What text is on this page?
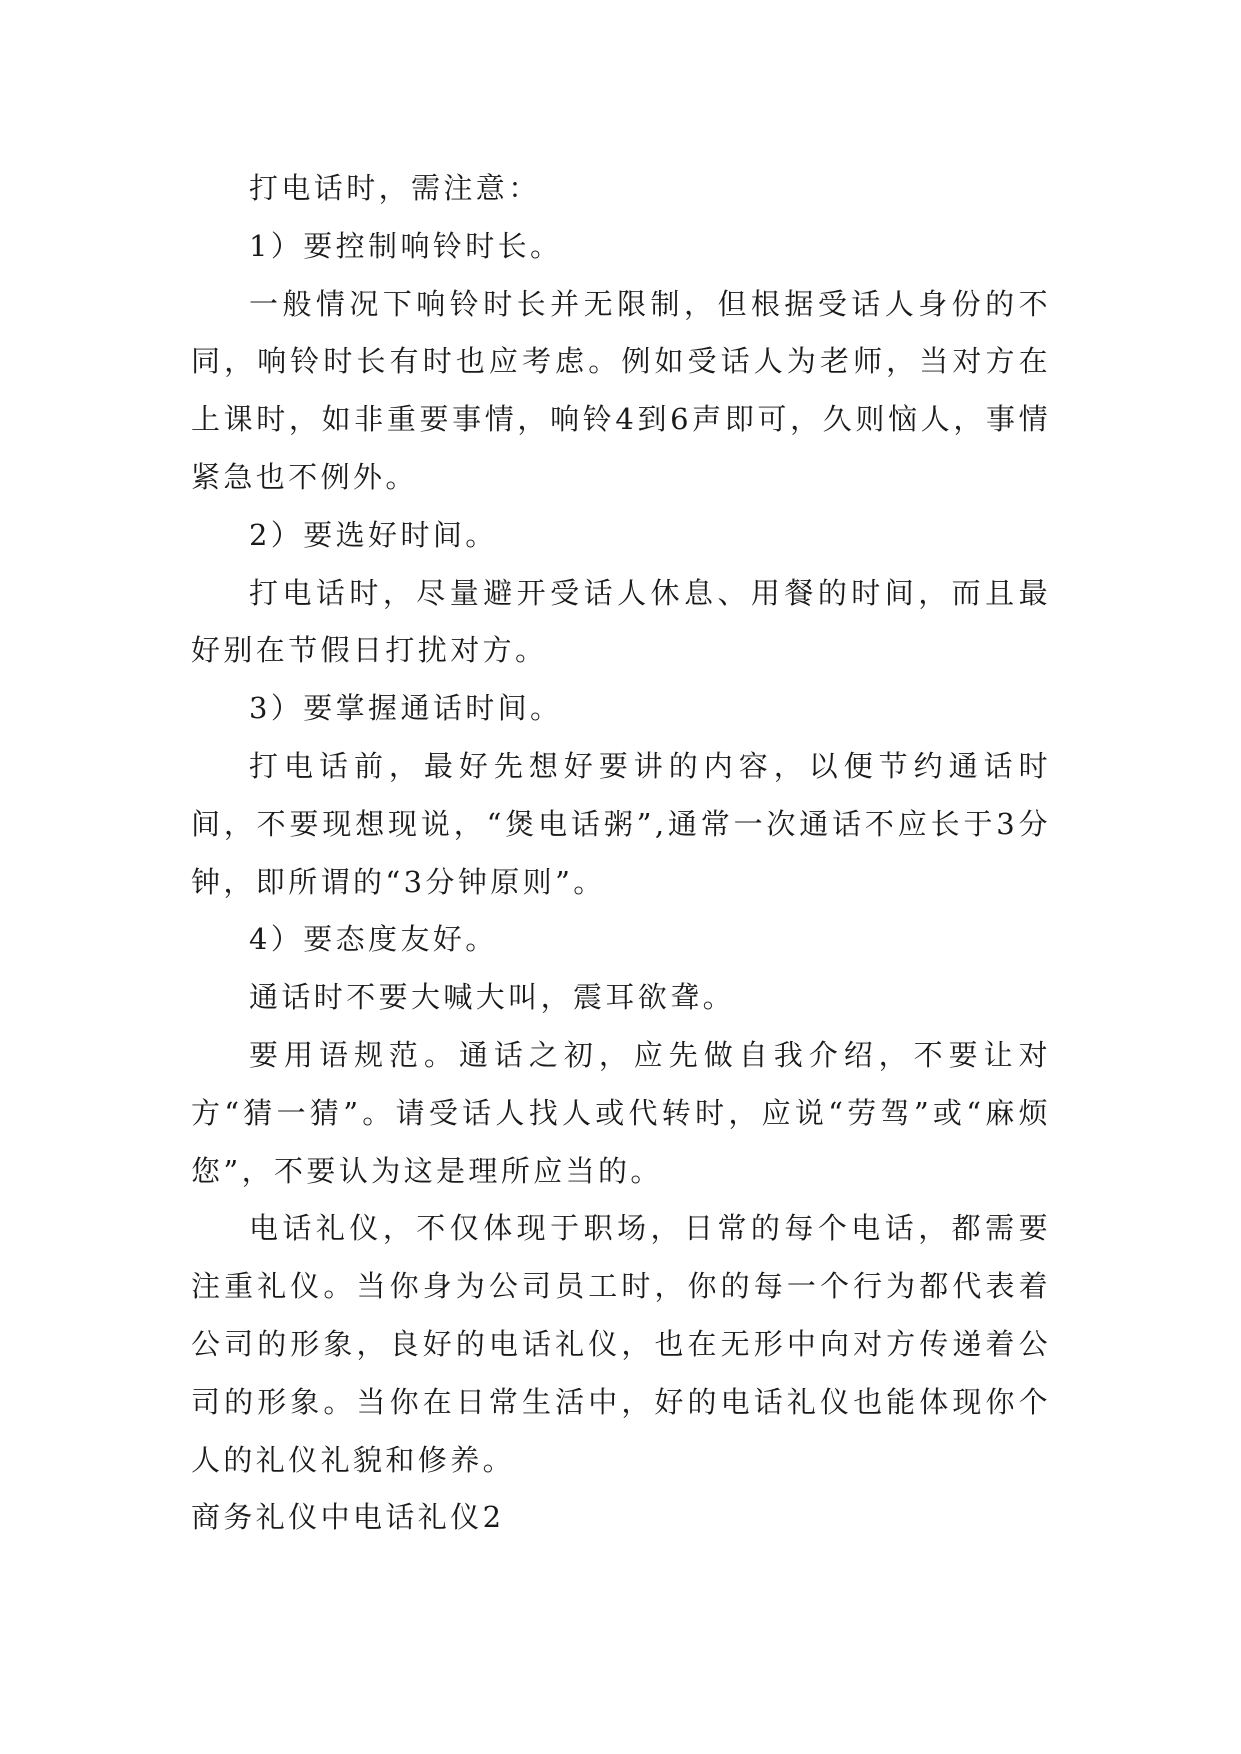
打电话时，需注意：

1）要控制响铃时长。

一般情况下响铃时长并无限制，但根据受话人身份的不同，响铃时长有时也应考虑。例如受话人为老师，当对方在上课时，如非重要事情，响铃4到6声即可，久则恼人，事情紧急也不例外。

2）要选好时间。

打电话时，尽量避开受话人休息、用餐的时间，而且最好别在节假日打扰对方。

3）要掌握通话时间。

打电话前，最好先想好要讲的内容，以便节约通话时间，不要现想现说，“煲电话粥”,通常一次通话不应长于3分钟，即所谓的“3分钟原则”。

4）要态度友好。

通话时不要大喊大叫，震耳欲聋。

要用语规范。通话之初，应先做自我介绍，不要让对方“猜一猜”。请受话人找人或代转时，应说“劳驾”或“麻烦您”，不要认为这是理所应当的。

电话礼仪，不仅体现于职场，日常的每个电话，都需要注重礼仪。当你身为公司员工时，你的每一个行为都代表着公司的形象，良好的电话礼仪，也在无形中向对方传递着公司的形象。当你在日常生活中，好的电话礼仪也能体现你个人的礼仪礼貌和修养。

商务礼仪中电话礼仪2
